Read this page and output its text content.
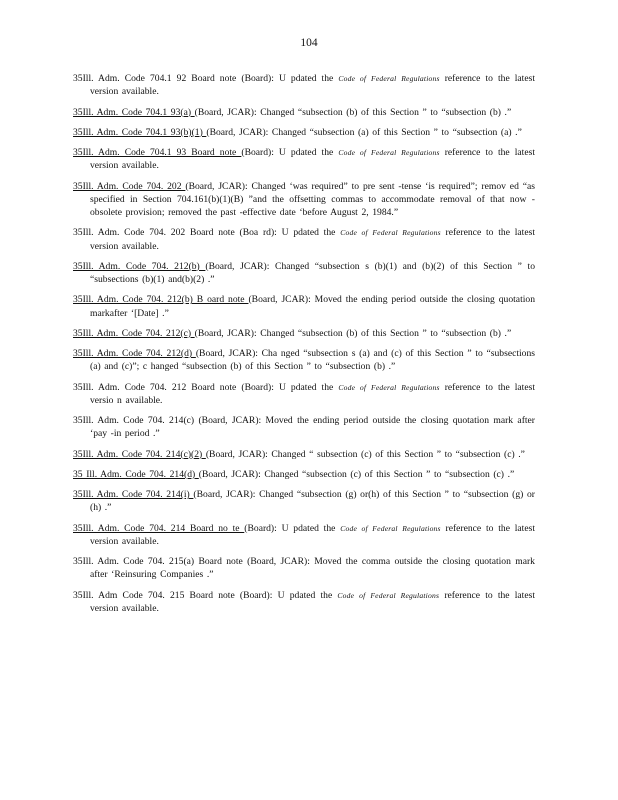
104

35Ill. Adm. Code 704.1 92 Board note (Board): U pdated the Code of Federal Regulations reference to the latest version available.

35Ill. Adm. Code 704.1 93(a) (Board, JCAR): Changed “subsection (b) of this Section ” to “subsection (b) .”

35Ill. Adm. Code 704.1 93(b)(1) (Board, JCAR): Changed “subsection (a) of this Section ” to “subsection (a) .”

35Ill. Adm. Code 704.1 93 Board note (Board): U pdated the Code of Federal Regulations reference to the latest version available.

35Ill. Adm. Code 704. 202 (Board, JCAR): Changed ‘was required” to pre sent -tense ‘is required”; remov ed “as specified in Section 704.161(b)(1)(B) ”and the offsetting commas to accommodate removal of that now -obsolete provision; removed the past -effective date ‘before August 2, 1984.”

35Ill. Adm. Code 704. 202 Board note (Boa rd): U pdated the Code of Federal Regulations reference to the latest version available.

35Ill. Adm. Code 704. 212(b) (Board, JCAR): Changed “subsection s (b)(1) and (b)(2) of this Section ” to “subsections (b)(1) and(b)(2) .”

35Ill. Adm. Code 704. 212(b) B oard note (Board, JCAR): Moved the ending period outside the closing quotation markafter ‘[Date] .”

35Ill. Adm. Code 704. 212(c) (Board, JCAR): Changed “subsection (b) of this Section ” to “subsection (b) .”

35Ill. Adm. Code 704. 212(d) (Board, JCAR): Cha nged “subsection s (a) and (c) of this Section ” to “subsections (a) and (c)”; c hanged “subsection (b) of this Section ” to “subsection (b) .”

35Ill. Adm. Code 704. 212 Board note (Board): U pdated the Code of Federal Regulations reference to the latest versio n available.

35Ill. Adm. Code 704. 214(c) (Board, JCAR): Moved the ending period outside the closing quotation mark after ‘pay -in period .”

35Ill. Adm. Code 704. 214(c)(2) (Board, JCAR): Changed “ subsection (c) of this Section ” to “subsection (c) .”

35 Ill. Adm. Code 704. 214(d) (Board, JCAR): Changed “subsection (c) of this Section ” to “subsection (c) .”

35Ill. Adm. Code 704. 214(i) (Board, JCAR): Changed “subsection (g) or(h) of this Section ” to “subsection (g) or (h) .”

35Ill. Adm. Code 704. 214 Board no te (Board): U pdated the Code of Federal Regulations reference to the latest version available.

35Ill. Adm. Code 704. 215(a) Board note (Board, JCAR): Moved the comma outside the closing quotation mark after ‘Reinsuring Companies .”

35Ill. Adm Code 704. 215 Board note (Board): U pdated the Code of Federal Regulations reference to the latest version available.
